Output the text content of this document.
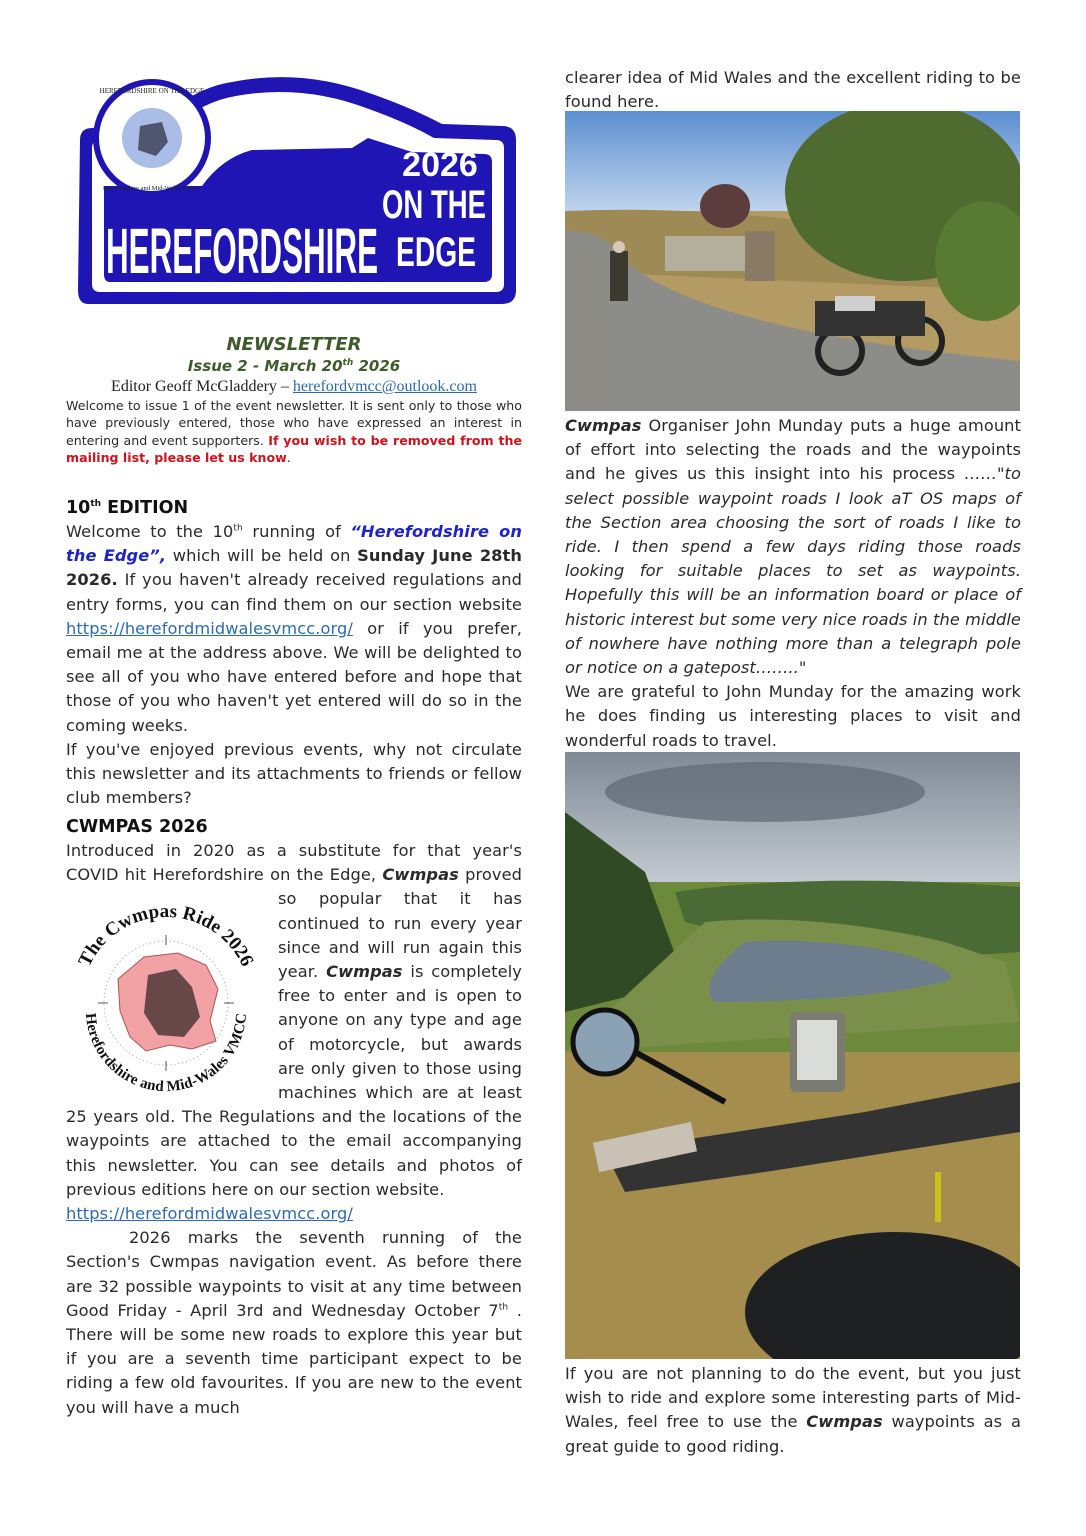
HEREFORDSHIRE ON THE EDGE
Herefordshire and Mid-Wales VMCC
2026
HEREFORDSHIRE
ON THE
EDGE
NEWSLETTER
Issue 2 - March 20th 2026
Editor Geoff McGladdery – herefordvmcc@outlook.com
Welcome to issue 1 of the event newsletter. It is sent only to those who have previously entered, those who have expressed an interest in entering and event supporters. If you wish to be removed from the mailing list, please let us know.
10th EDITION

Welcome to the 10th running of “Herefordshire on the Edge”, which will be held on Sunday June 28th 2026. If you haven't already received regulations and entry forms, you can find them on our section website https://herefordmidwalesvmcc.org/ or if you prefer, email me at the address above. We will be delighted to see all of you who have entered before and hope that those of you who haven't yet entered will do so in the coming weeks.

If you've enjoyed previous events, why not circulate this newsletter and its attachments to friends or fellow club members?

CWMPAS 2026

Introduced in 2020 as a substitute for that year's COVID hit Herefordshire on the Edge, Cwmpas
The Cwmpas Ride 2026
Herefordshire and Mid-Wales VMCC
proved so popular that it has continued to run every year since and will run again this year. Cwmpas is completely free to enter and is open to anyone on any type and age of motorcycle, but awards are only given to those using machines which are at least 25 years old. The Regulations and the locations of the waypoints are attached to the email accompanying this newsletter. You can see details and photos of previous editions here on our section website.

https://herefordmidwalesvmcc.org/

2026 marks the seventh running of the Section's Cwmpas navigation event. As before there are 32 possible waypoints to visit at any time between Good Friday - April 3rd and Wednesday October 7th . There will be some new roads to explore this year but if you are a seventh time participant expect to be riding a few old favourites. If you are new to the event you will have a much

clearer idea of Mid Wales and the excellent riding to be found here.

Cwmpas Organiser John Munday puts a huge amount of effort into selecting the roads and the waypoints and he gives us this insight into his process ……"to select possible waypoint roads I look aT OS maps of the Section area choosing the sort of roads I like to ride. I then spend a few days riding those roads looking for suitable places to set as waypoints. Hopefully this will be an information board or place of historic interest but some very nice roads in the middle of nowhere have nothing more than a telegraph pole or notice on a gatepost…….."

We are grateful to John Munday for the amazing work he does finding us interesting places to visit and wonderful roads to travel.

If you are not planning to do the event, but you just wish to ride and explore some interesting parts of Mid-Wales, feel free to use the Cwmpas waypoints as a great guide to good riding.
